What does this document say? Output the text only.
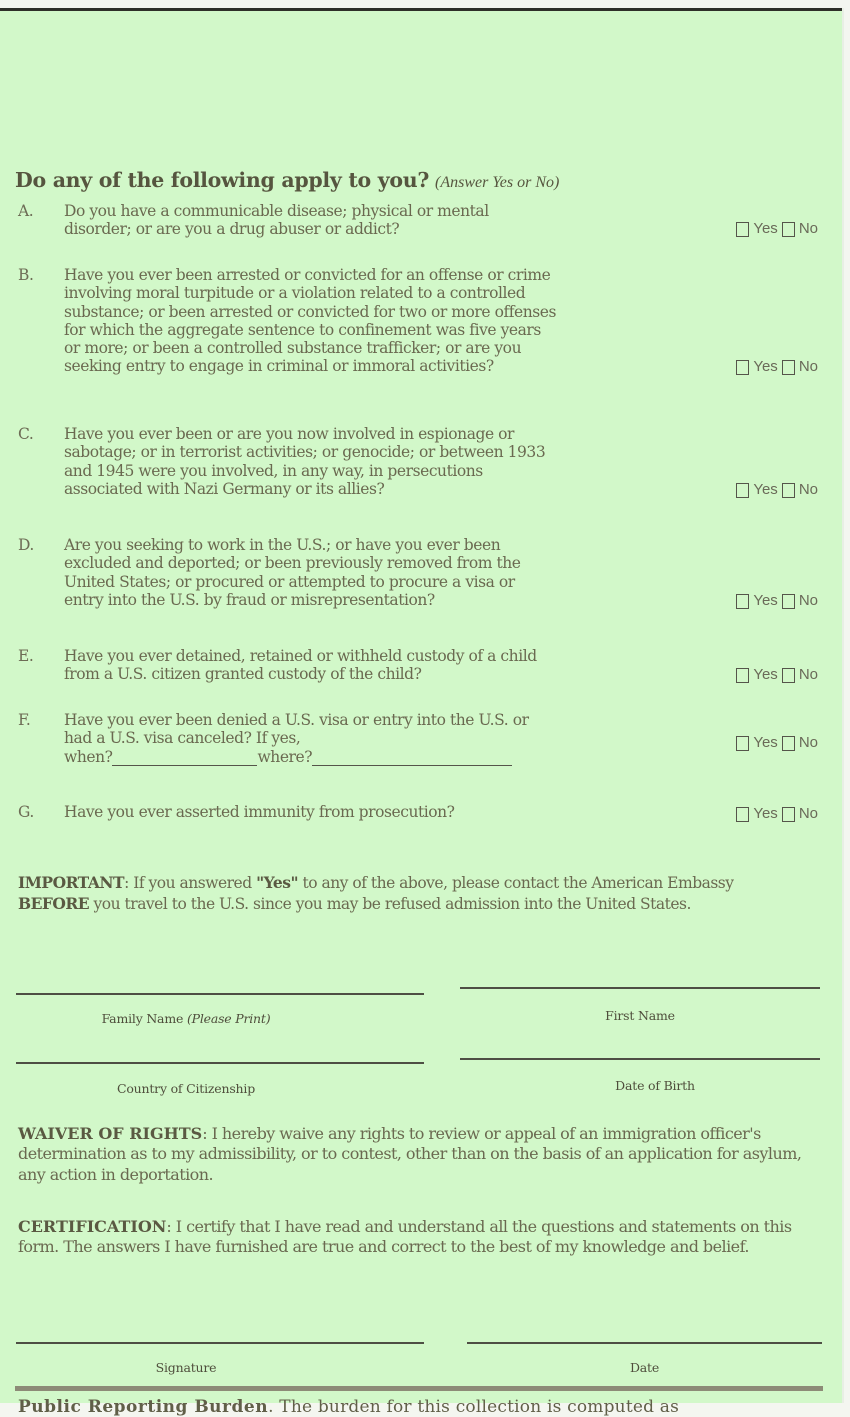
Do any of the following apply to you? (Answer Yes or No)
A. Do you have a communicable disease; physical or mental
disorder; or are you a drug abuser or addict?	Yes No
B. Have you ever been arrested or convicted for an offense or crime
involving moral turpitude or a violation related to a controlled
substance; or been arrested or convicted for two or more offenses
for which the aggregate sentence to confinement was five years
or more; or been a controlled substance trafficker; or are you
seeking entry to engage in criminal or immoral activities?	Yes No
C. Have you ever been or are you now involved in espionage or
sabotage; or in terrorist activities; or genocide; or between 1933
and 1945 were you involved, in any way, in persecutions
associated with Nazi Germany or its allies?	Yes No
D. Are you seeking to work in the U.S.; or have you ever been
excluded and deported; or been previously removed from the
United States; or procured or attempted to procure a visa or
entry into the U.S. by fraud or misrepresentation?	Yes No
E. Have you ever detained, retained or withheld custody of a child
from a U.S. citizen granted custody of the child?	Yes No
F. Have you ever been denied a U.S. visa or entry into the U.S. or
had a U.S. visa canceled? If yes,
when?	where?
Yes No
G. Have you ever asserted immunity from prosecution?	Yes No
IMPORTANT: If you answered "Yes" to any of the above, please contact the American Embassy BEFORE you travel to the U.S. since you may be refused admission into the United States.
Family Name (Please Print)	First Name
Country of Citizenship	Date of Birth
WAIVER OF RIGHTS: I hereby waive any rights to review or appeal of an immigration officer's determination as to my admissibility, or to contest, other than on the basis of an application for asylum, any action in deportation.
CERTIFICATION: I certify that I have read and understand all the questions and statements on this form. The answers I have furnished are true and correct to the best of my knowledge and belief.
Signature	Date
Public Reporting Burden. The burden for this collection is computed as
